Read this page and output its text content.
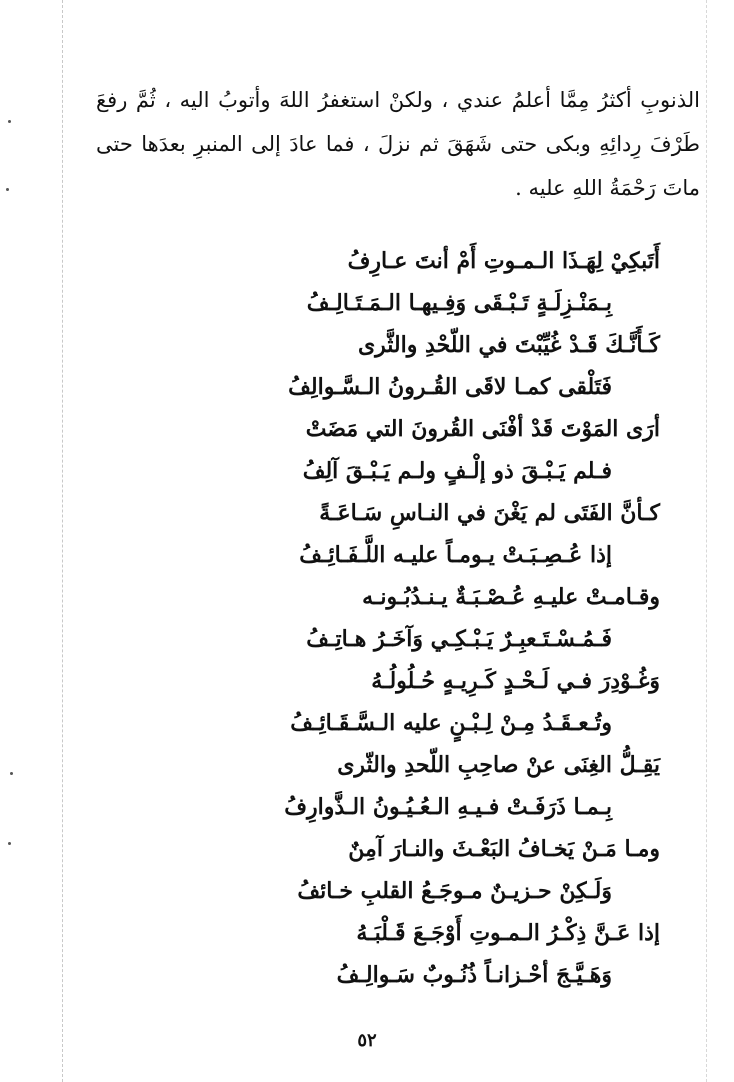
الذنوبِ أكثرُ مِمَّا أعلمُ عندي ، ولكنْ استغفرُ اللهَ وأتوبُ اليه ، ثُمَّ رفعَ
طَرْفَ رِدائِهِ وبكى حتى شَهَقَ ثم نزلَ ، فما عادَ إلى المنبرِ بعدَها حتى
ماتَ رَحْمَةُ اللهِ عليه .
أَتَبكِيْ لِهَـذَا الـمـوتِ أَمْ أنتَ عـارِفُ
بِـمَنْـزِلَـةٍ تَـبْـقَى وَفِـيهـا الـمَـتَـالِـفُ
كَـأَنَّـكَ قَـدْ غُيِّبْتَ في اللّحْدِ والثَّرى
فَتَلْقى كمـا لاقَى القُـرونُ الـسَّـوالِفُ
أرَى المَوْتَ قَدْ أفْنَى القُرونَ التي مَضَتْ
فـلم يَـبْـقَ ذو إلْـفٍ ولـم يَـبْـقَ آلِفُ
كـأنَّ الفَتَى لم يَغْنَ في النـاسِ سَـاعَـةً
إذا عُـصِـبَـتْ يـومـاً عليـه اللَّـفَـائِـفُ
وقـامـتْ عليـهِ عُـصْـبَـةٌ يـنـدُبُـونـه
فَـمُـسْـتَـعبِـرٌ يَـبْـكِـي وَآخَـرُ هـاتِـفُ
وَغُـوْدِرَ فـي لَـحْـدٍ كَـرِيـهٍ حُـلُولُـهُ
وتُـعـقَـدُ مِـنْ لِـبْـنٍ عليه الـسَّـقَـائِـفُ
يَقِـلُّ الغِنَى عنْ صاحِبِ اللّحدِ والثّرى
بِـمـا ذَرَفَـتْ فـيـهِ الـعُـيُـونُ الـذَّوارِفُ
ومـا مَـنْ يَخـافُ البَعْـثَ والنـارَ آمِنٌ
وَلَـكِنْ حـزيـنٌ مـوجَـعُ القلبِ خـائفُ
إذا عَـنَّ ذِكْـرُ الـمـوتِ أَوْجَـعَ قَـلْبَـهُ
وَهَـيَّـجَ أحْـزانـاً ذُنُـوبٌ سَـوالِـفُ
٥٢
